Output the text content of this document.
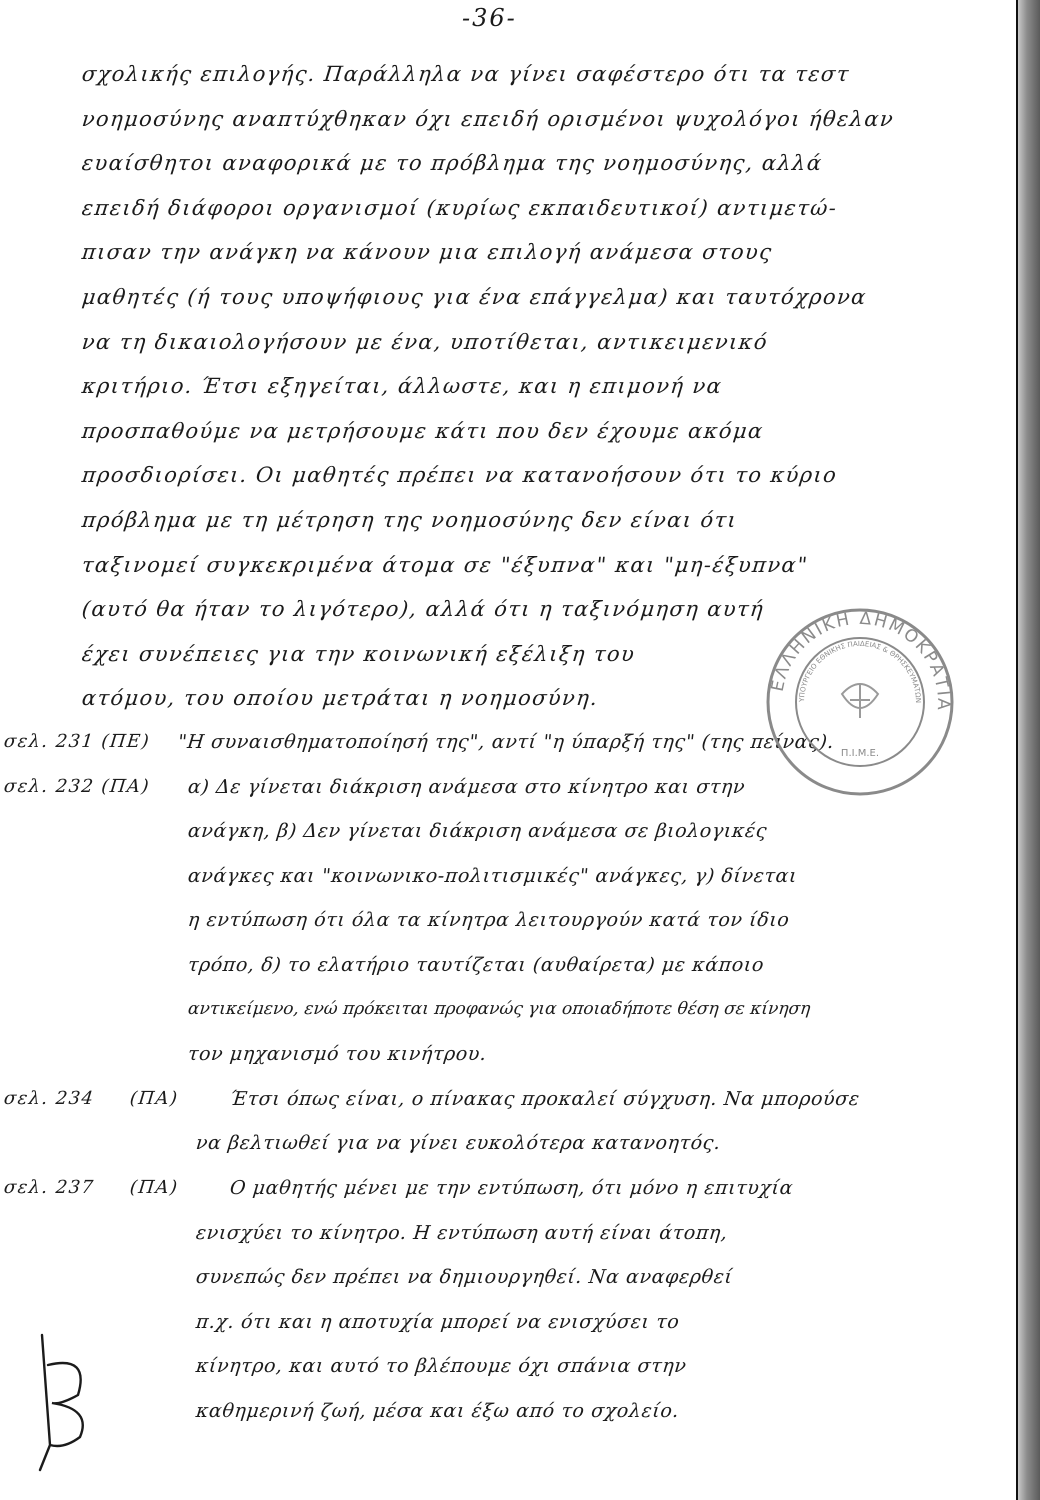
-36-
σχολικής επιλογής. Παράλληλα να γίνει σαφέστερο ότι τα τεστ
νοημοσύνης αναπτύχθηκαν όχι επειδή ορισμένοι ψυχολόγοι ήθελαν
ευαίσθητοι αναφορικά με το πρόβλημα της νοημοσύνης, αλλά
επειδή διάφοροι οργανισμοί (κυρίως εκπαιδευτικοί) αντιμετώ-
πισαν την ανάγκη να κάνουν μια επιλογή ανάμεσα στους
μαθητές (ή τους υποψήφιους για ένα επάγγελμα) και ταυτόχρονα
να τη δικαιολογήσουν με ένα, υποτίθεται, αντικειμενικό
κριτήριο. Έτσι εξηγείται, άλλωστε, και η επιμονή να
προσπαθούμε να μετρήσουμε κάτι που δεν έχουμε ακόμα
προσδιορίσει. Οι μαθητές πρέπει να κατανοήσουν ότι το κύριο
πρόβλημα με τη μέτρηση της νοημοσύνης δεν είναι ότι
ταξινομεί συγκεκριμένα άτομα σε "έξυπνα" και "μη-έξυπνα"
(αυτό θα ήταν το λιγότερο), αλλά ότι η ταξινόμηση αυτή
έχει συνέπειες για την κοινωνική εξέλιξη του
ατόμου, του οποίου μετράται η νοημοσύνη.
"Η συναισθηματοποίησή της", αντί "η ύπαρξή της" (της πείνας).
σελ. 231 (ΠΕ)
α) Δε γίνεται διάκριση ανάμεσα στο κίνητρο και στην
σελ. 232 (ΠΑ)
ανάγκη, β) Δεν γίνεται διάκριση ανάμεσα σε βιολογικές
ανάγκες και "κοινωνικο-πολιτισμικές" ανάγκες, γ) δίνεται
η εντύπωση ότι όλα τα κίνητρα λειτουργούν κατά τον ίδιο
τρόπο, δ) το ελατήριο ταυτίζεται (αυθαίρετα) με κάποιο
αντικείμενο, ενώ πρόκειται προφανώς για οποιαδήποτε θέση σε κίνηση
τον μηχανισμό του κινήτρου.
Έτσι όπως είναι, ο πίνακας προκαλεί σύγχυση. Να μπορούσε
σελ. 234 (ΠΑ)
να βελτιωθεί για να γίνει ευκολότερα κατανοητός.
Ο μαθητής μένει με την εντύπωση, ότι μόνο η επιτυχία
σελ. 237 (ΠΑ)
ενισχύει το κίνητρο. Η εντύπωση αυτή είναι άτοπη,
συνεπώς δεν πρέπει να δημιουργηθεί. Να αναφερθεί
π.χ. ότι και η αποτυχία μπορεί να ενισχύσει το
κίνητρο, και αυτό το βλέπουμε όχι σπάνια στην
καθημερινή ζωή, μέσα και έξω από το σχολείο.
ΕΛΛΗΝΙΚΗ ΔΗΜΟΚΡΑΤΙΑ
ΥΠΟΥΡΓΕΙΟ ΕΘΝΙΚΗΣ ΠΑΙΔΕΙΑΣ & ΘΡΗΣΚΕΥΜΑΤΩΝ
Π.Ι.Μ.Ε.
